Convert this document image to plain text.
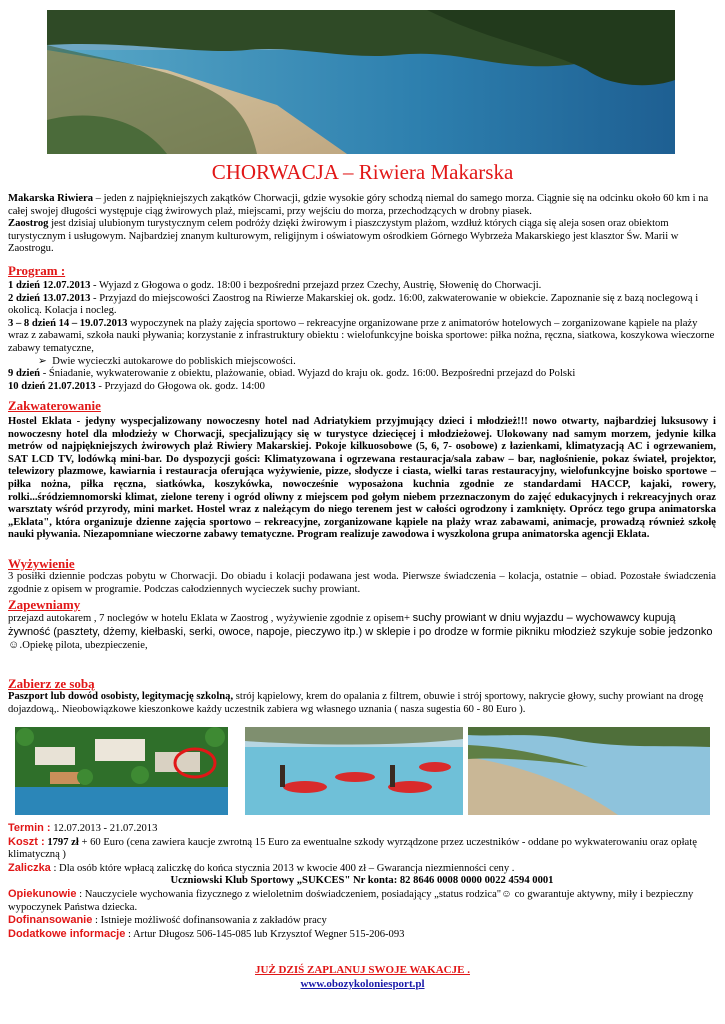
CHORWACJA – Riwiera Makarska

Makarska Riwiera – jeden z najpiękniejszych zakątków Chorwacji, gdzie wysokie góry schodzą niemal do samego morza. Ciągnie się na odcinku około 60 km i na całej swojej długości występuje ciąg żwirowych plaż, miejscami, przy wejściu do morza, przechodzących w drobny piasek.

Zaostrog jest dzisiaj ulubionym turystycznym celem podróży dzięki żwirowym i piaszczystym plażom, wzdłuż których ciąga się aleja sosen oraz obiektom turystycznym i usługowym. Najbardziej znanym kulturowym, religijnym i oświatowym ośrodkiem Górnego Wybrzeża Makarskiego jest klasztor Św. Marii w Zaostrogu.

Program :

1 dzień 12.07.2013 - Wyjazd z Głogowa o godz. 18:00 i bezpośredni przejazd przez Czechy, Austrię, Słowenię do Chorwacji.

2 dzień 13.07.2013 - Przyjazd do miejscowości Zaostrog na Riwierze Makarskiej ok. godz. 16:00, zakwaterowanie w obiekcie. Zapoznanie się z bazą noclegową i okolicą. Kolacja i nocleg.

3 – 8 dzień 14 – 19.07.2013 wypoczynek na plaży zajęcia sportowo – rekreacyjne organizowane prze z animatorów hotelowych – zorganizowane kąpiele na plaży wraz z zabawami, szkoła nauki pływania; korzystanie z infrastruktury obiektu : wielofunkcyjne boiska sportowe: piłka nożna, ręczna, siatkowa, koszykowa wieczorne zabawy tematyczne,

➢ Dwie wycieczki autokarowe do pobliskich miejscowości.

9 dzień - Śniadanie, wykwaterowanie z obiektu, plażowanie, obiad. Wyjazd do kraju ok. godz. 16:00. Bezpośredni przejazd do Polski

10 dzień 21.07.2013 - Przyjazd do Głogowa ok. godz. 14:00

Zakwaterowanie

Hostel Eklata - jedyny wyspecjalizowany nowoczesny hotel nad Adriatykiem przyjmujący dzieci i młodzież!!! nowo otwarty, najbardziej luksusowy i nowoczesny hotel dla młodzieży w Chorwacji, specjalizujący się w turystyce dziecięcej i młodzieżowej. Ulokowany nad samym morzem, jedynie kilka metrów od najpiękniejszych żwirowych plaż Riwiery Makarskiej. Pokoje kilkuosobowe (5, 6, 7- osobowe) z łazienkami, klimatyzacją AC i ogrzewaniem, SAT LCD TV, lodówką mini-bar. Do dyspozycji gości: Klimatyzowana i ogrzewana restauracja/sala zabaw – bar, nagłośnienie, pokaz świateł, projektor, telewizory plazmowe, kawiarnia i restauracja oferująca wyżywienie, pizze, słodycze i ciasta, wielki taras restauracyjny, wielofunkcyjne boisko sportowe – piłka nożna, piłka ręczna, siatkówka, koszykówka, nowocześnie wyposażona kuchnia zgodnie ze standardami HACCP, kajaki, rowery, rolki...śródziemnomorski klimat, zielone tereny i ogród oliwny z miejscem pod gołym niebem przeznaczonym do zajęć edukacyjnych i rekreacyjnych oraz warsztaty wśród przyrody, mini market. Hostel wraz z należącym do niego terenem jest w całości ogrodzony i zamknięty. Oprócz tego grupa animatorska „Eklata", która organizuje dzienne zajęcia sportowo – rekreacyjne, zorganizowane kąpiele na plaży wraz zabawami, animacje, prowadzą również szkołę nauki pływania. Niezapomniane wieczorne zabawy tematyczne. Program realizuje zawodowa i wyszkolona grupa animatorska agencji Eklata.

Wyżywienie

3 posiłki dziennie podczas pobytu w Chorwacji. Do obiadu i kolacji podawana jest woda. Pierwsze świadczenia – kolacja, ostatnie – obiad. Pozostałe świadczenia zgodnie z opisem w programie. Podczas całodziennych wycieczek suchy prowiant.

Zapewniamy

przejazd autokarem , 7 noclegów w hotelu Eklata w Zaostrog , wyżywienie zgodnie z opisem+ suchy prowiant w dniu wyjazdu – wychowawcy kupują żywność (pasztety, dżemy, kiełbaski, serki, owoce, napoje, pieczywo itp.) w sklepie i po drodze w formie pikniku młodzież szykuje sobie jedzonko ☺.Opiekę pilota, ubezpieczenie,

Zabierz ze sobą

Paszport lub dowód osobisty, legitymację szkolną, strój kąpielowy, krem do opalania z filtrem, obuwie i strój sportowy, nakrycie głowy, suchy prowiant na drogę dojazdową,. Nieobowiązkowe kieszonkowe każdy uczestnik zabiera wg własnego uznania ( nasza sugestia 60 - 80 Euro ).

Termin : 12.07.2013 - 21.07.2013

Koszt : 1797 zł + 60 Euro (cena zawiera kaucje zwrotną 15 Euro za ewentualne szkody wyrządzone przez uczestników - oddane po wykwaterowaniu oraz opłatę klimatyczną )

Zaliczka : Dla osób które wpłacą zaliczkę do końca stycznia 2013 w kwocie 400 zł – Gwarancja niezmienności ceny .

Uczniowski Klub Sportowy „SUKCES" Nr konta: 82 8646 0008 0000 0022 4594 0001

Opiekunowie : Nauczyciele wychowania fizycznego z wieloletnim doświadczeniem, posiadający „status rodzica"☺ co gwarantuje aktywny, miły i bezpieczny wypoczynek Państwa dziecka.

Dofinansowanie : Istnieje możliwość dofinansowania z zakładów pracy

Dodatkowe informacje : Artur Długosz 506-145-085 lub Krzysztof Wegner 515-206-093

JUŻ DZIŚ ZAPLANUJ SWOJE WAKACJE .
www.obozykoloniesport.pl
